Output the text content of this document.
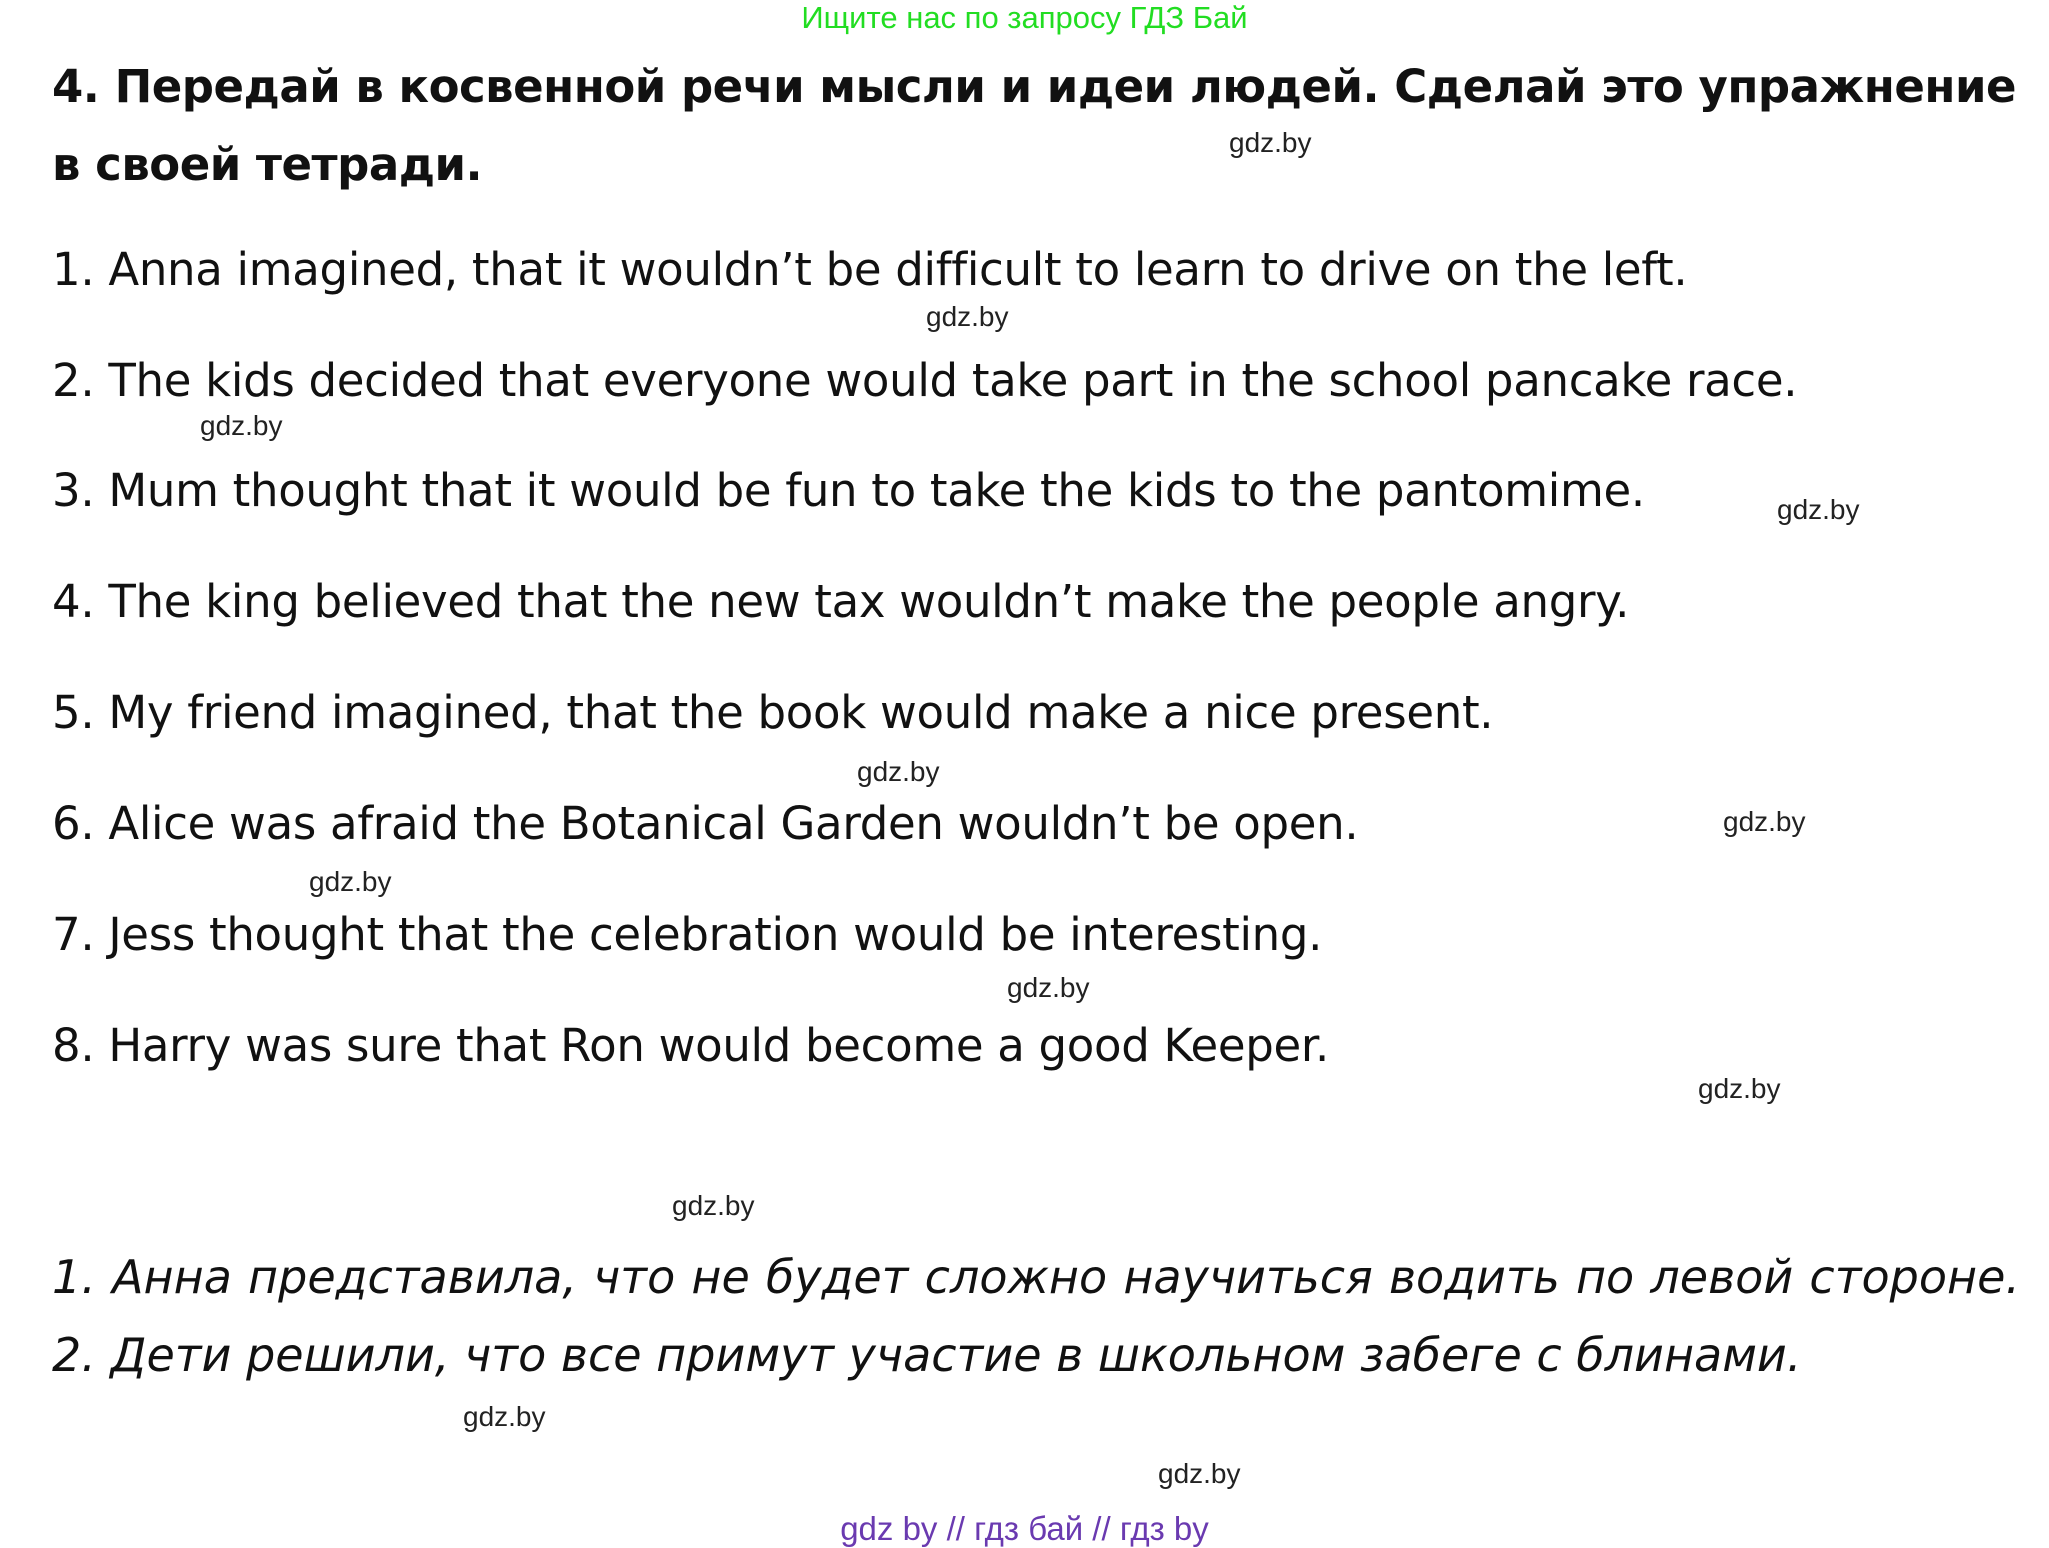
Ищите нас по запросу ГДЗ Бай
4. Передай в косвенной речи мысли и идеи людей. Сделай это упражнение в своей тетради.
1. Anna imagined, that it wouldn’t be difficult to learn to drive on the left.
2. The kids decided that everyone would take part in the school pancake race.
3. Mum thought that it would be fun to take the kids to the pantomime.
4. The king believed that the new tax wouldn’t make the people angry.
5. My friend imagined, that the book would make a nice present.
6. Alice was afraid the Botanical Garden wouldn’t be open.
7. Jess thought that the celebration would be interesting.
8. Harry was sure that Ron would become a good Keeper.

1. Анна представила, что не будет сложно научиться водить по левой стороне. 2. Дети решили, что все примут участие в школьном забеге с блинами.

gdz.by
gdz.by
gdz.by
gdz.by
gdz.by
gdz.by
gdz.by
gdz.by
gdz.by
gdz.by
gdz.by
gdz.by
gdz by // гдз бай // гдз by
